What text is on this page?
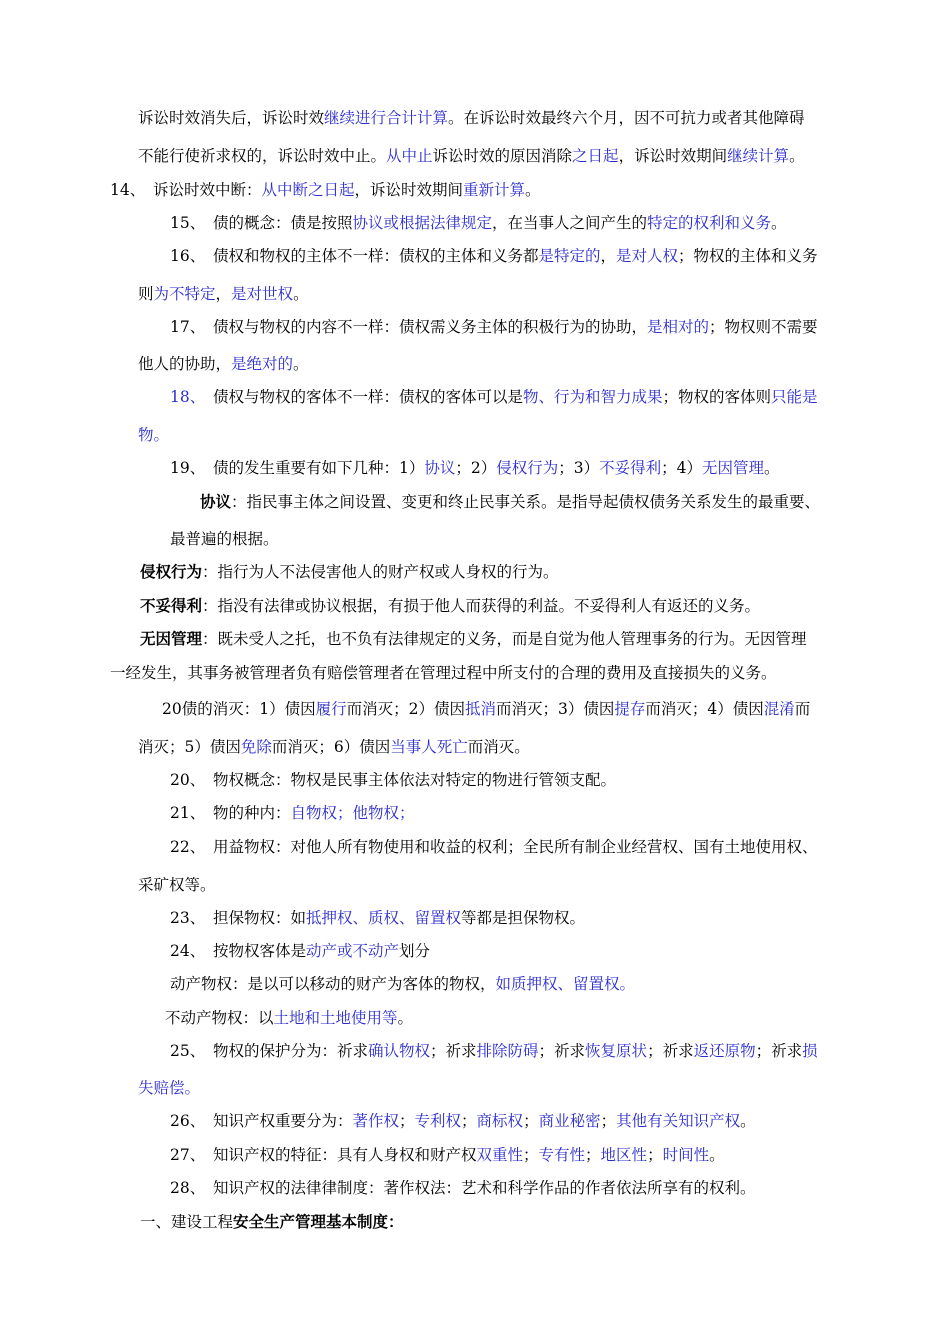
诉讼时效消失后，诉讼时效继续进行合计计算。在诉讼时效最终六个月，因不可抗力或者其他障碍
不能行使祈求权的，诉讼时效中止。从中止诉讼时效的原因消除之日起，诉讼时效期间继续计算。
14、　诉讼时效中断：从中断之日起，诉讼时效期间重新计算。
15、　债的概念：债是按照协议或根据法律规定，在当事人之间产生的特定的权利和义务。
16、　债权和物权的主体不一样：债权的主体和义务都是特定的，是对人权；物权的主体和义务
则为不特定，是对世权。
17、　债权与物权的内容不一样：债权需义务主体的积极行为的协助，是相对的；物权则不需要
他人的协助，是绝对的。
18、　债权与物权的客体不一样：债权的客体可以是物、行为和智力成果；物权的客体则只能是
物。
19、　债的发生重要有如下几种：1）协议；2）侵权行为；3）不妥得利；4）无因管理。
协议：指民事主体之间设置、变更和终止民事关系。是指导起债权债务关系发生的最重要、
最普遍的根据。
侵权行为：指行为人不法侵害他人的财产权或人身权的行为。
不妥得利：指没有法律或协议根据，有损于他人而获得的利益。不妥得利人有返还的义务。
无因管理：既未受人之托，也不负有法律规定的义务，而是自觉为他人管理事务的行为。无因管理
一经发生，其事务被管理者负有赔偿管理者在管理过程中所支付的合理的费用及直接损失的义务。
20债的消灭：1）债因履行而消灭；2）债因抵消而消灭；3）债因提存而消灭；4）债因混淆而
消灭；5）债因免除而消灭；6）债因当事人死亡而消灭。
20、　物权概念：物权是民事主体依法对特定的物进行管领支配。
21、　物的种内：自物权；他物权；
22、　用益物权：对他人所有物使用和收益的权利；全民所有制企业经营权、国有土地使用权、
采矿权等。
23、　担保物权：如抵押权、质权、留置权等都是担保物权。
24、　按物权客体是动产或不动产划分
动产物权：是以可以移动的财产为客体的物权，如质押权、留置权。
不动产物权：以土地和土地使用等。
25、　物权的保护分为：祈求确认物权；祈求排除防碍；祈求恢复原状；祈求返还原物；祈求损
失赔偿。
26、　知识产权重要分为：著作权；专利权；商标权；商业秘密；其他有关知识产权。
27、　知识产权的特征：具有人身权和财产权双重性；专有性；地区性；时间性。
28、　知识产权的法律律制度：著作权法：艺术和科学作品的作者依法所享有的权利。
一、建设工程安全生产管理基本制度：
